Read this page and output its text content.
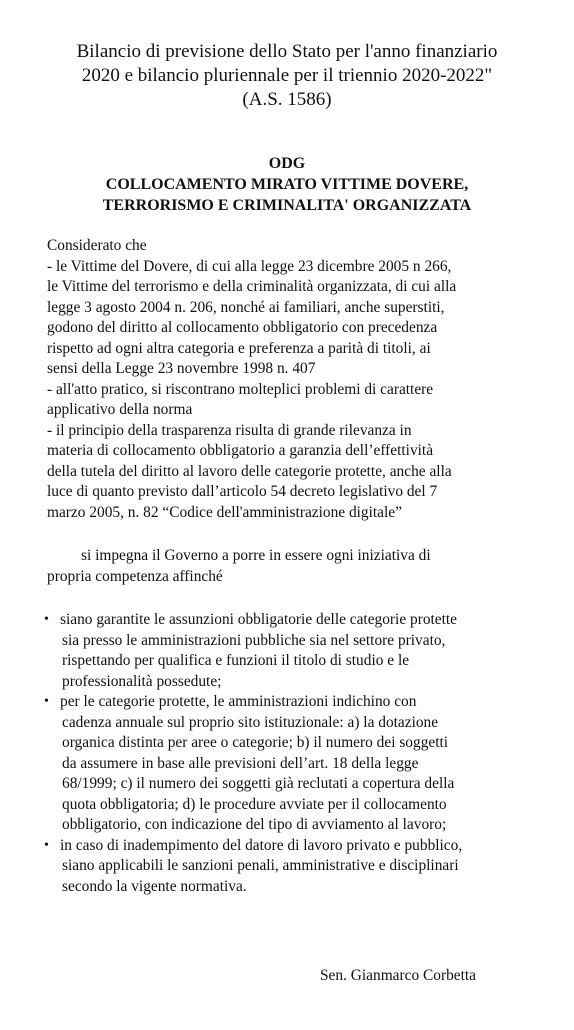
Bilancio di previsione dello Stato per l'anno finanziario
2020 e bilancio pluriennale per il triennio 2020-2022"
(A.S. 1586)
ODG
COLLOCAMENTO MIRATO VITTIME DOVERE,
TERRORISMO E CRIMINALITA' ORGANIZZATA
Considerato che
- le Vittime del Dovere, di cui alla legge 23 dicembre 2005 n 266,
le Vittime del terrorismo e della criminalità organizzata, di cui alla
legge 3 agosto 2004 n. 206, nonché ai familiari, anche superstiti,
godono del diritto al collocamento obbligatorio con precedenza
rispetto ad ogni altra categoria e preferenza a parità di titoli, ai
sensi della Legge 23 novembre 1998 n. 407
- all'atto pratico, si riscontrano molteplici problemi di carattere
applicativo della norma
- il principio della trasparenza risulta di grande rilevanza in
materia di collocamento obbligatorio a garanzia dell’effettività
della tutela del diritto al lavoro delle categorie protette, anche alla
luce di quanto previsto dall’articolo 54 decreto legislativo del 7
marzo 2005, n. 82 “Codice dell'amministrazione digitale”
si impegna il Governo a porre in essere ogni iniziativa di
propria competenza affinché
• siano garantite le assunzioni obbligatorie delle categorie protette
sia presso le amministrazioni pubbliche sia nel settore privato,
rispettando per qualifica e funzioni il titolo di studio e le
professionalità possedute;
• per le categorie protette, le amministrazioni indichino con
cadenza annuale sul proprio sito istituzionale: a) la dotazione
organica distinta per aree o categorie; b) il numero dei soggetti
da assumere in base alle previsioni dell’art. 18 della legge
68/1999; c) il numero dei soggetti già reclutati a copertura della
quota obbligatoria; d) le procedure avviate per il collocamento
obbligatorio, con indicazione del tipo di avviamento al lavoro;
• in caso di inadempimento del datore di lavoro privato e pubblico,
siano applicabili le sanzioni penali, amministrative e disciplinari
secondo la vigente normativa.
Sen. Gianmarco Corbetta
